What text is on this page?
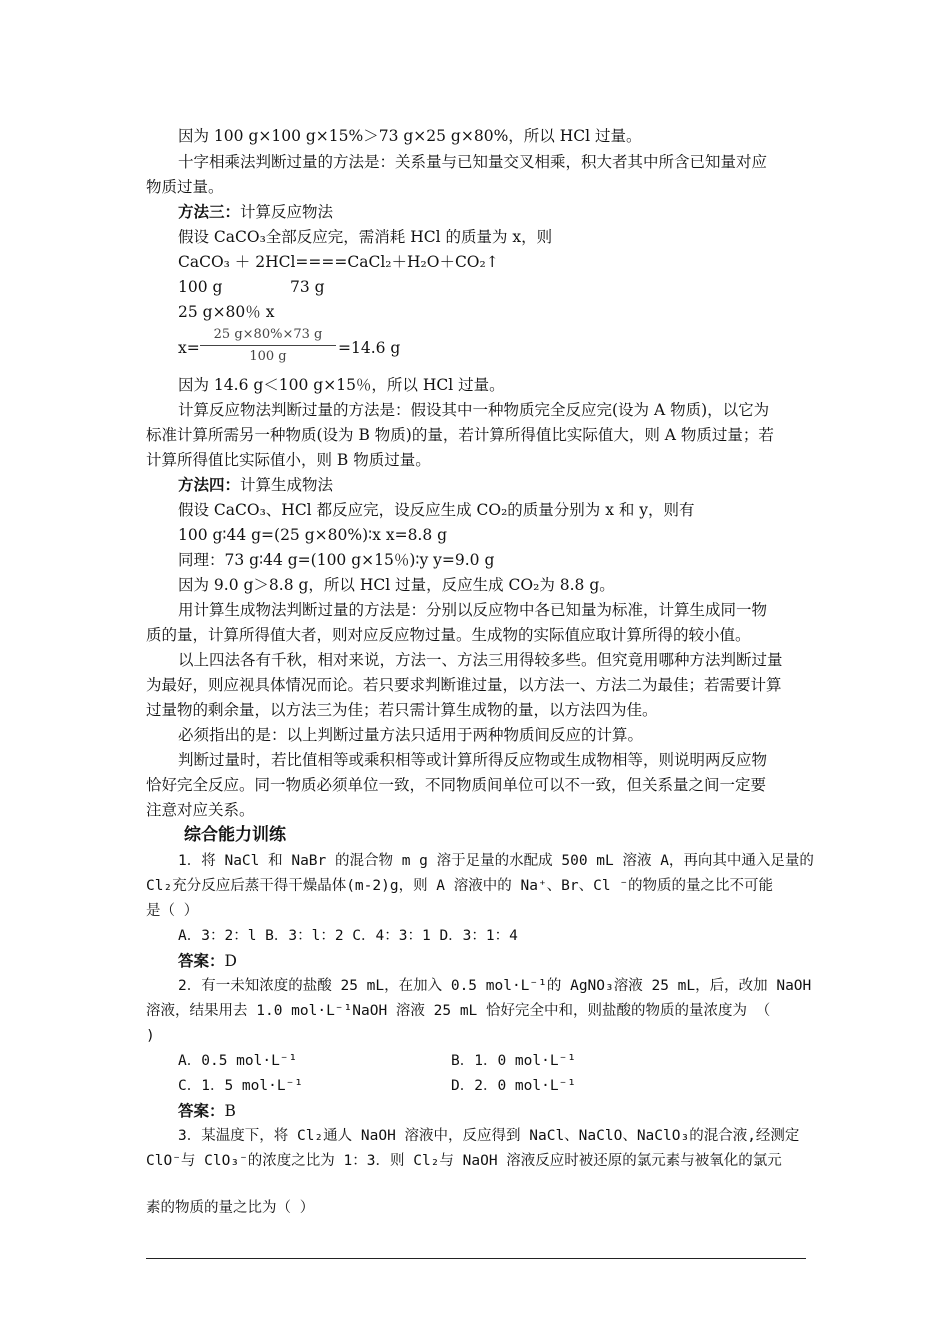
因为 100 g×100 g×15%＞73 g×25 g×80%，所以 HCl 过量。
十字相乘法判断过量的方法是：关系量与已知量交叉相乘，积大者其中所含已知量对应
物质过量。
方法三：计算反应物法
假设 CaCO₃全部反应完，需消耗 HCl 的质量为 x，则
CaCO₃ ＋ 2HCl====CaCl₂＋H₂O＋CO₂↑
100 g	73 g
25 g×80％ x
$x= \frac{25 g\times 80\%\times 73 g}{100 g} =14.6$ g
因为 14.6 g＜100 g×15％，所以 HCl 过量。
计算反应物法判断过量的方法是：假设其中一种物质完全反应完(设为 A 物质)，以它为
标准计算所需另一种物质(设为 B 物质)的量，若计算所得值比实际值大，则 A 物质过量；若
计算所得值比实际值小，则 B 物质过量。
方法四：计算生成物法
假设 CaCO₃、HCl 都反应完，设反应生成 CO₂的质量分别为 x 和 y，则有
100 g∶44 g=(25 g×80%)∶x x=8.8 g
同理：73 g∶44 g=(100 g×15％)∶y y=9.0 g
因为 9.0 g＞8.8 g，所以 HCl 过量，反应生成 CO₂为 8.8 g。
用计算生成物法判断过量的方法是：分别以反应物中各已知量为标准，计算生成同一物
质的量，计算所得值大者，则对应反应物过量。生成物的实际值应取计算所得的较小值。
以上四法各有千秋，相对来说，方法一、方法三用得较多些。但究竟用哪种方法判断过量
为最好，则应视具体情况而论。若只要求判断谁过量，以方法一、方法二为最佳；若需要计算
过量物的剩余量，以方法三为佳；若只需计算生成物的量，以方法四为佳。
必须指出的是：以上判断过量方法只适用于两种物质间反应的计算。
判断过量时，若比值相等或乘积相等或计算所得反应物或生成物相等，则说明两反应物
恰好完全反应。同一物质必须单位一致，不同物质间单位可以不一致，但关系量之间一定要
注意对应关系。
综合能力训练
1．将 NaCl 和 NaBr 的混合物 m g 溶于足量的水配成 500 mL 溶液 A，再向其中通入足量的
Cl₂充分反应后蒸干得干燥晶体(m-2)g，则 A 溶液中的 Na⁺、Br、Cl ⁻的物质的量之比不可能
是（ ）
A．3：2：l B．3：l：2 C．4：3：1 D．3：1：4
答案：D
2．有一未知浓度的盐酸 25 mL，在加入 0.5 mol·L⁻¹的 AgNO₃溶液 25 mL，后，改加 NaOH
溶液，结果用去 1.0 mol·L⁻¹NaOH 溶液 25 mL 恰好完全中和，则盐酸的物质的量浓度为 （
)
A．0.5 mol·L⁻¹	B．1．0 mol·L⁻¹
C．1．5 mol·L⁻¹	D．2．0 mol·L⁻¹
答案：B
3．某温度下，将 Cl₂通人 NaOH 溶液中，反应得到 NaCl、NaClO、NaClO₃的混合液,经测定
ClO⁻与 ClO₃⁻的浓度之比为 1：3．则 Cl₂与 NaOH 溶液反应时被还原的氯元素与被氧化的氯元
素的物质的量之比为（ ）
